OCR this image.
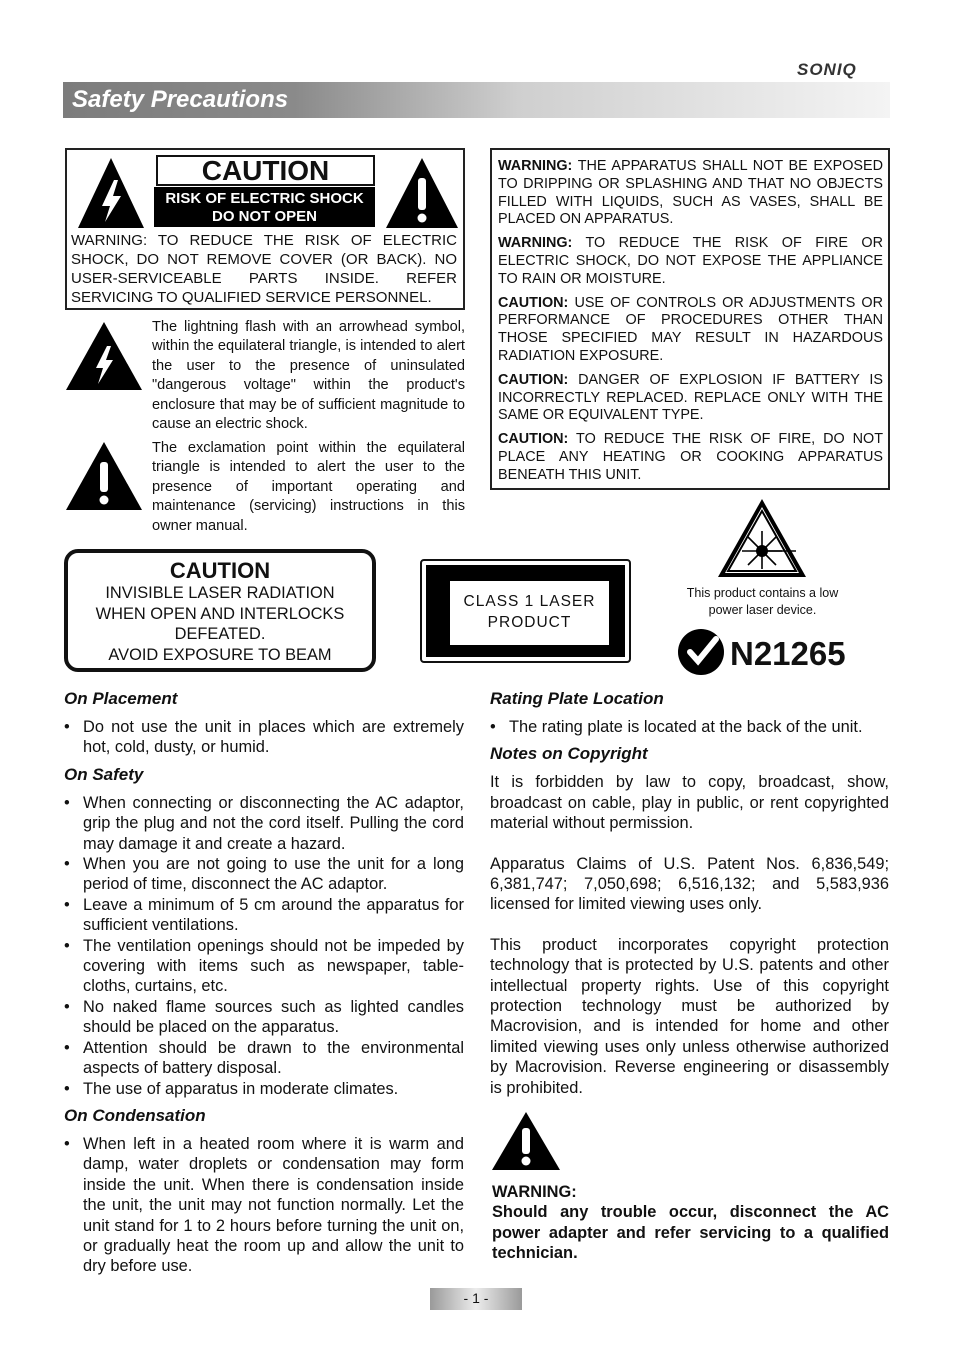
SONIQ
Safety Precautions
CAUTION
RISK OF ELECTRIC SHOCK
DO NOT OPEN
WARNING: TO REDUCE THE RISK OF ELECTRIC SHOCK, DO NOT REMOVE COVER (OR BACK). NO USER-SERVICEABLE PARTS INSIDE. REFER SERVICING TO QUALIFIED SERVICE PERSONNEL.
The lightning flash with an arrowhead symbol, within the equilateral triangle, is intended to alert the user to the presence of uninsulated "dangerous voltage" within the product's enclosure that may be of sufficient magnitude to cause an electric shock.
The exclamation point within the equilateral triangle is intended to alert the user to the presence of important operating and maintenance (servicing) instructions in this owner manual.

WARNING: THE APPARATUS SHALL NOT BE EXPOSED TO DRIPPING OR SPLASHING AND THAT NO OBJECTS FILLED WITH LIQUIDS, SUCH AS VASES, SHALL BE PLACED ON APPARATUS.

WARNING: TO REDUCE THE RISK OF FIRE OR ELECTRIC SHOCK, DO NOT EXPOSE THE APPLIANCE TO RAIN OR MOISTURE.

CAUTION: USE OF CONTROLS OR ADJUSTMENTS OR PERFORMANCE OF PROCEDURES OTHER THAN THOSE SPECIFIED MAY RESULT IN HAZARDOUS RADIATION EXPOSURE.

CAUTION: DANGER OF EXPLOSION IF BATTERY IS INCORRECTLY REPLACED. REPLACE ONLY WITH THE SAME OR EQUIVALENT TYPE.

CAUTION: TO REDUCE THE RISK OF FIRE, DO NOT PLACE ANY HEATING OR COOKING APPARATUS BENEATH THIS UNIT.

CAUTION
INVISIBLE LASER RADIATION
WHEN OPEN AND INTERLOCKS
DEFEATED.
AVOID EXPOSURE TO BEAM
CLASS 1 LASER
PRODUCT
This product contains a low power laser device.
N21265
On Placement
• Do not use the unit in places which are extremely hot, cold, dusty, or humid.
On Safety
• When connecting or disconnecting the AC adaptor, grip the plug and not the cord itself. Pulling the cord may damage it and create a hazard.
• When you are not going to use the unit for a long period of time, disconnect the AC adaptor.
• Leave a minimum of 5 cm around the apparatus for sufficient ventilations.
• The ventilation openings should not be impeded by covering with items such as newspaper, table-cloths, curtains, etc.
• No naked flame sources such as lighted candles should be placed on the apparatus.
• Attention should be drawn to the environmental aspects of battery disposal.
• The use of apparatus in moderate climates.
On Condensation
• When left in a heated room where it is warm and damp, water droplets or condensation may form inside the unit. When there is condensation inside the unit, the unit may not function normally. Let the unit stand for 1 to 2 hours before turning the unit on, or gradually heat the room up and allow the unit to dry before use.
Rating Plate Location
• The rating plate is located at the back of the unit.
Notes on Copyright

It is forbidden by law to copy, broadcast, show, broadcast on cable, play in public, or rent copyrighted material without permission.

Apparatus Claims of U.S. Patent Nos. 6,836,549; 6,381,747; 7,050,698; 6,516,132; and 5,583,936 licensed for limited viewing uses only.

This product incorporates copyright protection technology that is protected by U.S. patents and other intellectual property rights. Use of this copyright protection technology must be authorized by Macrovision, and is intended for home and other limited viewing uses only unless otherwise authorized by Macrovision. Reverse engineering or disassembly is prohibited.

WARNING:
Should any trouble occur, disconnect the AC power adapter and refer servicing to a qualified technician.
- 1 -
